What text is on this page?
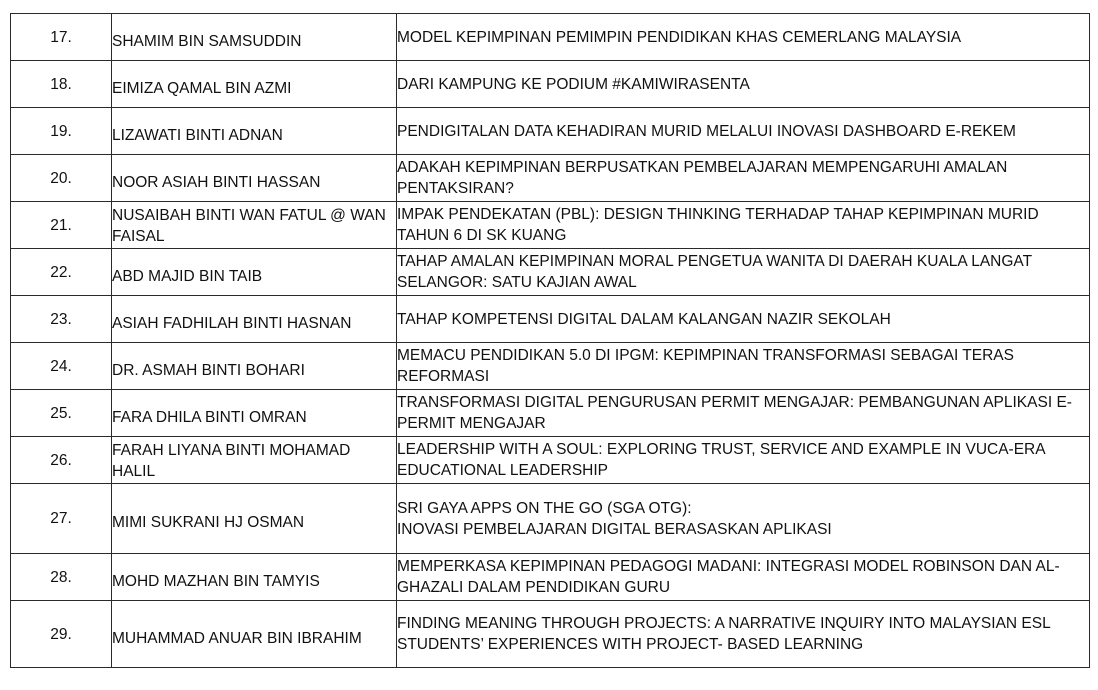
17.	SHAMIM BIN SAMSUDDIN	MODEL KEPIMPINAN PEMIMPIN PENDIDIKAN KHAS CEMERLANG MALAYSIA

18.	EIMIZA QAMAL BIN AZMI	DARI KAMPUNG KE PODIUM #KAMIWIRASENTA

19.	LIZAWATI BINTI ADNAN	PENDIGITALAN DATA KEHADIRAN MURID MELALUI INOVASI DASHBOARD E-REKEM

20.	NOOR ASIAH BINTI HASSAN	ADAKAH KEPIMPINAN BERPUSATKAN PEMBELAJARAN MEMPENGARUHI AMALAN
PENTAKSIRAN?

21.	NUSAIBAH BINTI WAN FATUL @ WAN FAISAL	IMPAK PENDEKATAN (PBL): DESIGN THINKING TERHADAP TAHAP KEPIMPINAN MURID
TAHUN 6 DI SK KUANG

22.	ABD MAJID BIN TAIB	TAHAP AMALAN KEPIMPINAN MORAL PENGETUA WANITA DI DAERAH KUALA LANGAT
SELANGOR: SATU KAJIAN AWAL

23.	ASIAH FADHILAH BINTI HASNAN	TAHAP KOMPETENSI DIGITAL DALAM KALANGAN NAZIR SEKOLAH

24.	DR. ASMAH BINTI BOHARI	MEMACU PENDIDIKAN 5.0 DI IPGM: KEPIMPINAN TRANSFORMASI SEBAGAI TERAS
REFORMASI

25.	FARA DHILA BINTI OMRAN	TRANSFORMASI DIGITAL PENGURUSAN PERMIT MENGAJAR: PEMBANGUNAN APLIKASI E-
PERMIT MENGAJAR

26.	FARAH LIYANA BINTI MOHAMAD HALIL	LEADERSHIP WITH A SOUL: EXPLORING TRUST, SERVICE AND EXAMPLE IN VUCA-ERA
EDUCATIONAL LEADERSHIP

27.	MIMI SUKRANI HJ OSMAN	SRI GAYA APPS ON THE GO (SGA OTG):
INOVASI PEMBELAJARAN DIGITAL BERASASKAN APLIKASI

28.	MOHD MAZHAN BIN TAMYIS	MEMPERKASA KEPIMPINAN PEDAGOGI MADANI: INTEGRASI MODEL ROBINSON DAN AL-
GHAZALI DALAM PENDIDIKAN GURU

29.	MUHAMMAD ANUAR BIN IBRAHIM	FINDING MEANING THROUGH PROJECTS: A NARRATIVE INQUIRY INTO MALAYSIAN ESL
STUDENTS’ EXPERIENCES WITH PROJECT- BASED LEARNING
